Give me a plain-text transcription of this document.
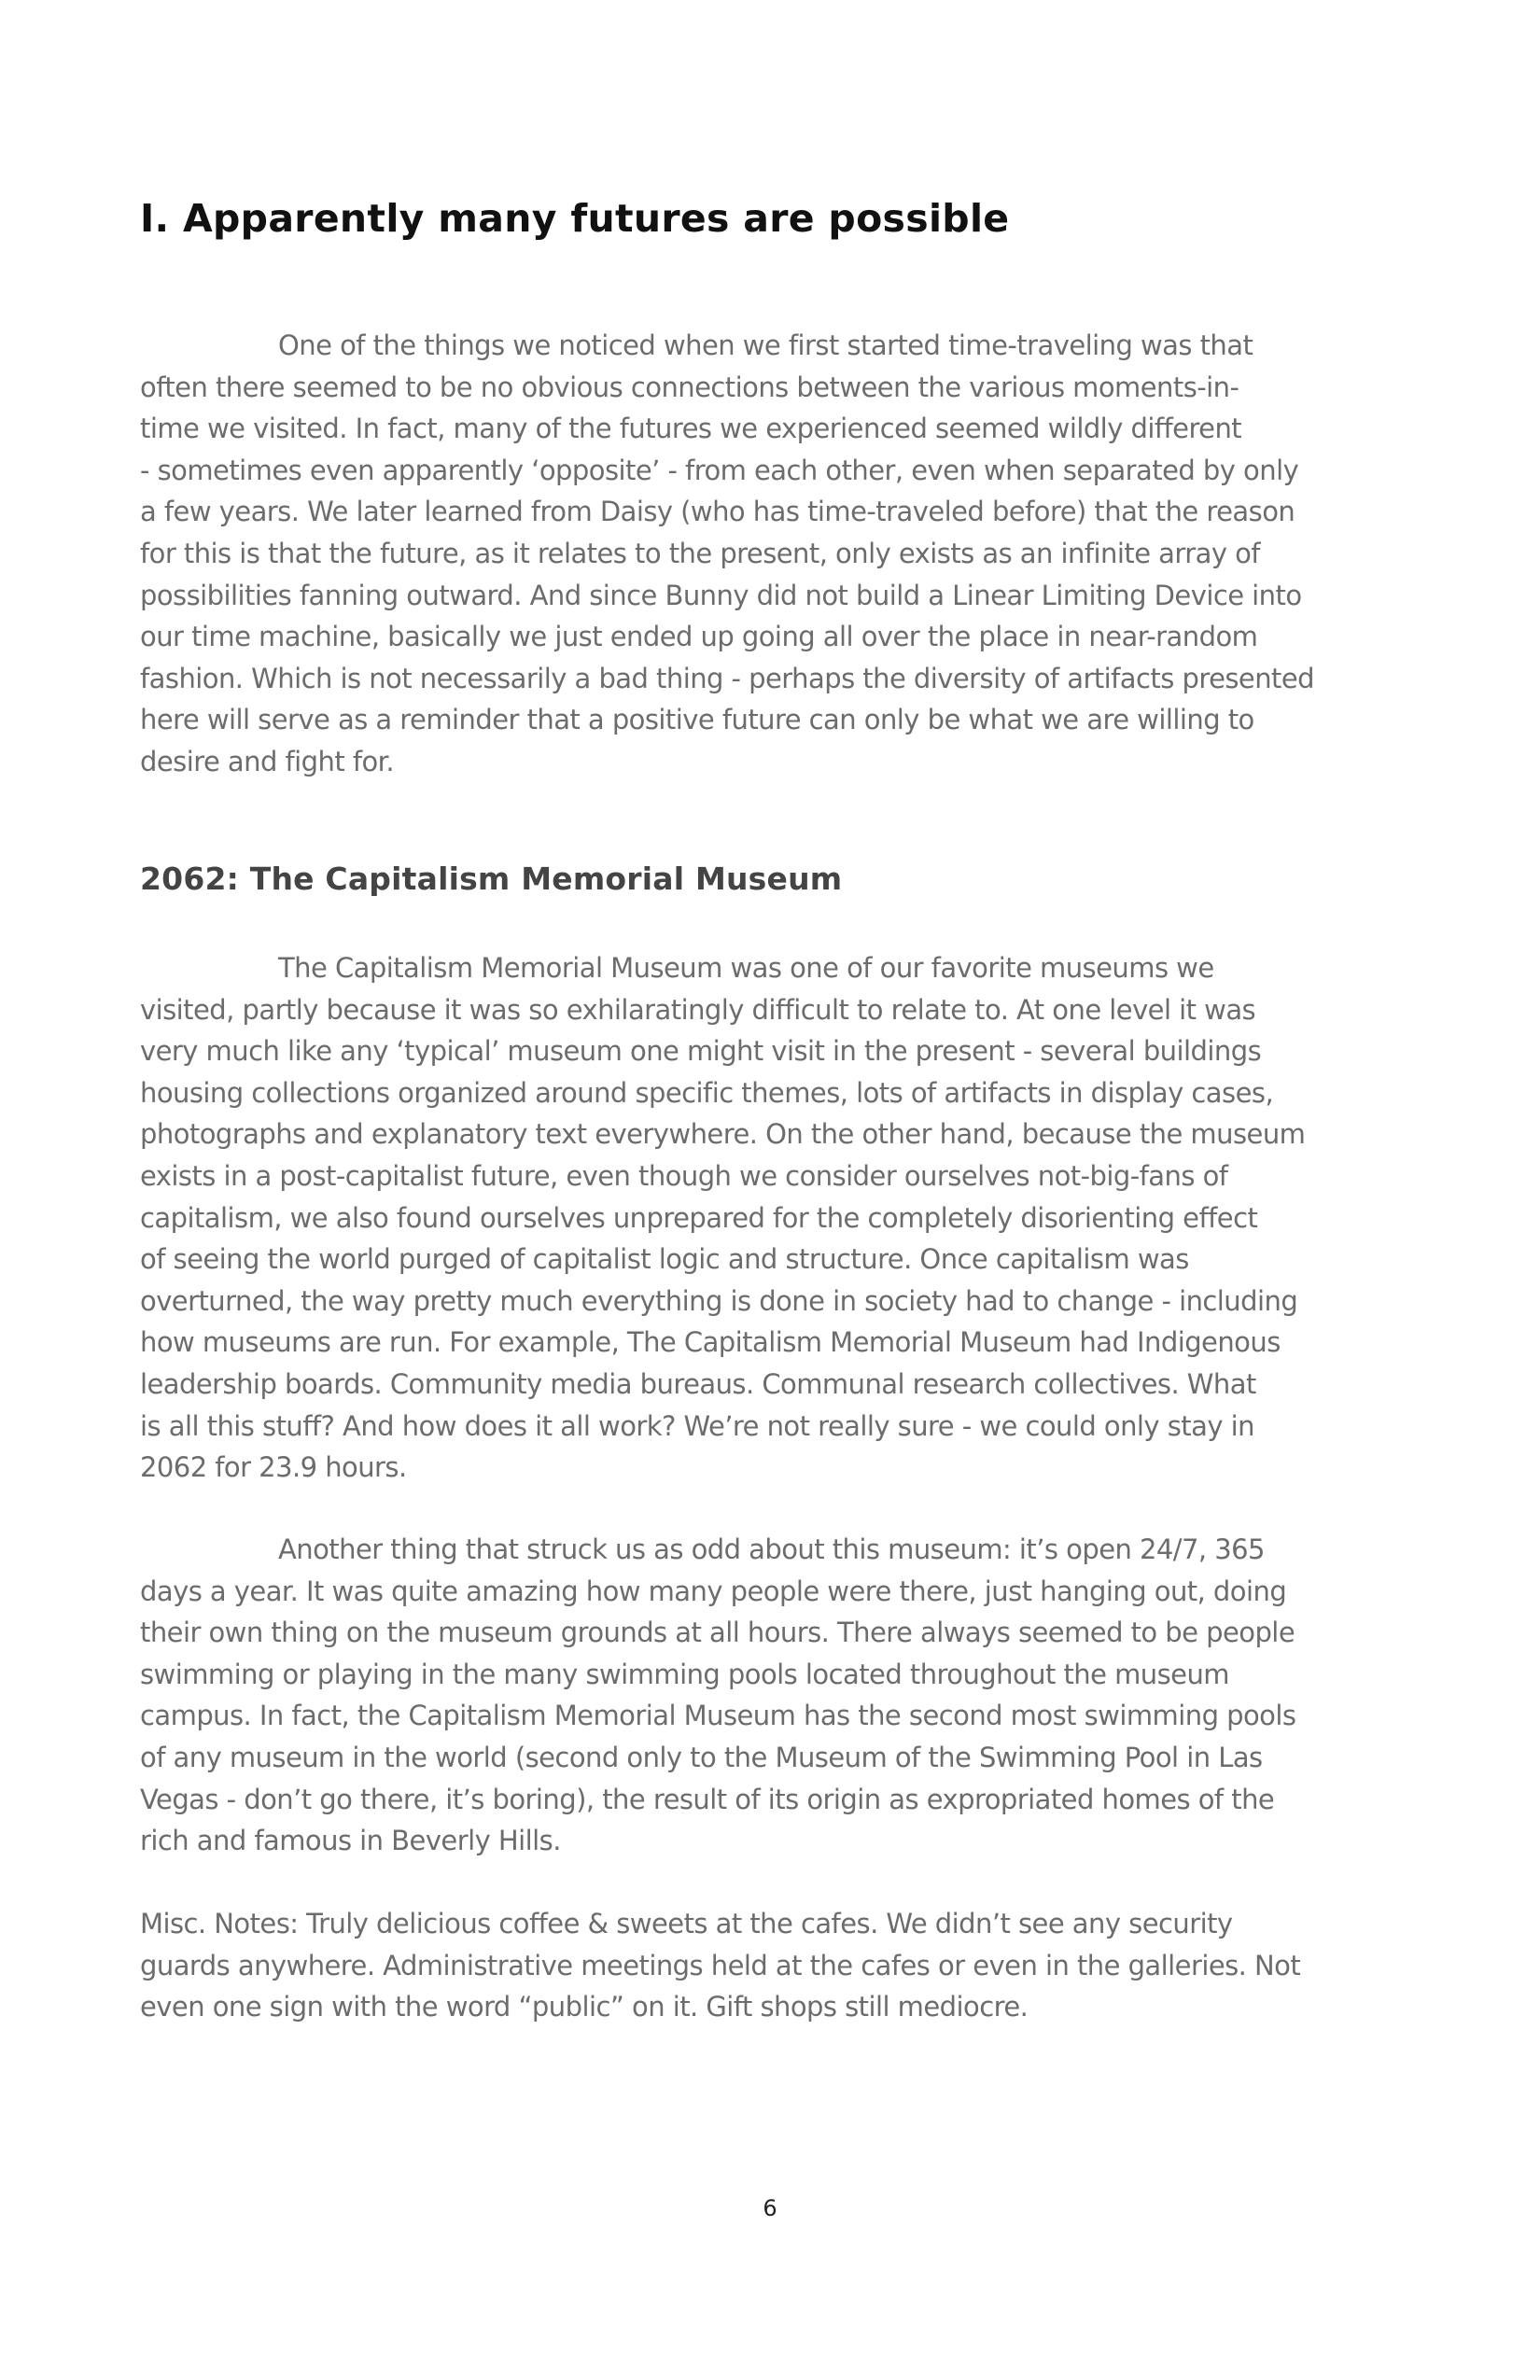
I. Apparently many futures are possible

One of the things we noticed when we first started time-traveling was that
often there seemed to be no obvious connections between the various moments-in-
time we visited. In fact, many of the futures we experienced seemed wildly different
- sometimes even apparently ‘opposite’ - from each other, even when separated by only
a few years. We later learned from Daisy (who has time-traveled before) that the reason
for this is that the future, as it relates to the present, only exists as an infinite array of
possibilities fanning outward. And since Bunny did not build a Linear Limiting Device into
our time machine, basically we just ended up going all over the place in near-random
fashion. Which is not necessarily a bad thing - perhaps the diversity of artifacts presented
here will serve as a reminder that a positive future can only be what we are willing to
desire and fight for.

2062: The Capitalism Memorial Museum

The Capitalism Memorial Museum was one of our favorite museums we
visited, partly because it was so exhilaratingly difficult to relate to. At one level it was
very much like any ‘typical’ museum one might visit in the present - several buildings
housing collections organized around specific themes, lots of artifacts in display cases,
photographs and explanatory text everywhere. On the other hand, because the museum
exists in a post-capitalist future, even though we consider ourselves not-big-fans of
capitalism, we also found ourselves unprepared for the completely disorienting effect
of seeing the world purged of capitalist logic and structure. Once capitalism was
overturned, the way pretty much everything is done in society had to change - including
how museums are run. For example, The Capitalism Memorial Museum had Indigenous
leadership boards. Community media bureaus. Communal research collectives. What
is all this stuff? And how does it all work? We’re not really sure - we could only stay in
2062 for 23.9 hours.

Another thing that struck us as odd about this museum: it’s open 24/7, 365
days a year. It was quite amazing how many people were there, just hanging out, doing
their own thing on the museum grounds at all hours. There always seemed to be people
swimming or playing in the many swimming pools located throughout the museum
campus. In fact, the Capitalism Memorial Museum has the second most swimming pools
of any museum in the world (second only to the Museum of the Swimming Pool in Las
Vegas - don’t go there, it’s boring), the result of its origin as expropriated homes of the
rich and famous in Beverly Hills.

Misc. Notes: Truly delicious coffee & sweets at the cafes. We didn’t see any security
guards anywhere. Administrative meetings held at the cafes or even in the galleries. Not
even one sign with the word “public” on it. Gift shops still mediocre.

6
